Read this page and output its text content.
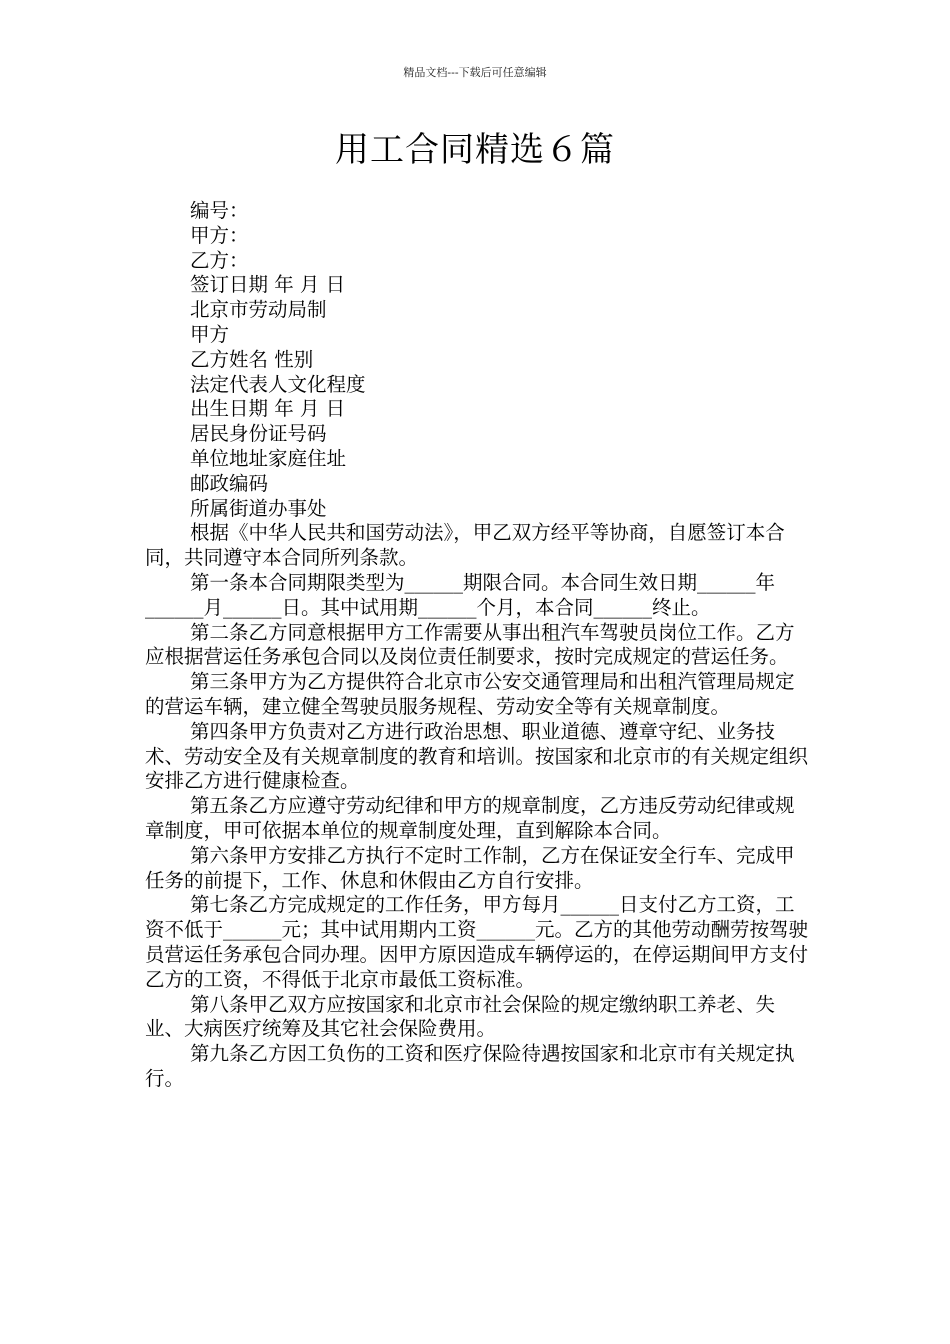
精品文档---下载后可任意编辑
用工合同精选６篇
编号：
甲方：
乙方：
签订日期 年 月 日
北京市劳动局制
甲方
乙方姓名 性别
法定代表人文化程度
出生日期 年 月 日
居民身份证号码
单位地址家庭住址
邮政编码
所属街道办事处

根据《中华人民共和国劳动法》，甲乙双方经平等协商，自愿签订本合同，共同遵守本合同所列条款。

第一条本合同期限类型为______期限合同。本合同生效日期______年______月______日。其中试用期______个月，本合同______终止。

第二条乙方同意根据甲方工作需要从事出租汽车驾驶员岗位工作。乙方应根据营运任务承包合同以及岗位责任制要求，按时完成规定的营运任务。

第三条甲方为乙方提供符合北京市公安交通管理局和出租汽管理局规定的营运车辆，建立健全驾驶员服务规程、劳动安全等有关规章制度。

第四条甲方负责对乙方进行政治思想、职业道德、遵章守纪、业务技术、劳动安全及有关规章制度的教育和培训。按国家和北京市的有关规定组织安排乙方进行健康检查。

第五条乙方应遵守劳动纪律和甲方的规章制度，乙方违反劳动纪律或规章制度，甲可依据本单位的规章制度处理，直到解除本合同。

第六条甲方安排乙方执行不定时工作制，乙方在保证安全行车、完成甲任务的前提下，工作、休息和休假由乙方自行安排。

第七条乙方完成规定的工作任务，甲方每月______日支付乙方工资，工资不低于______元；其中试用期内工资______元。乙方的其他劳动酬劳按驾驶员营运任务承包合同办理。因甲方原因造成车辆停运的，在停运期间甲方支付乙方的工资，不得低于北京市最低工资标准。

第八条甲乙双方应按国家和北京市社会保险的规定缴纳职工养老、失业、大病医疗统筹及其它社会保险费用。

第九条乙方因工负伤的工资和医疗保险待遇按国家和北京市有关规定执行。
